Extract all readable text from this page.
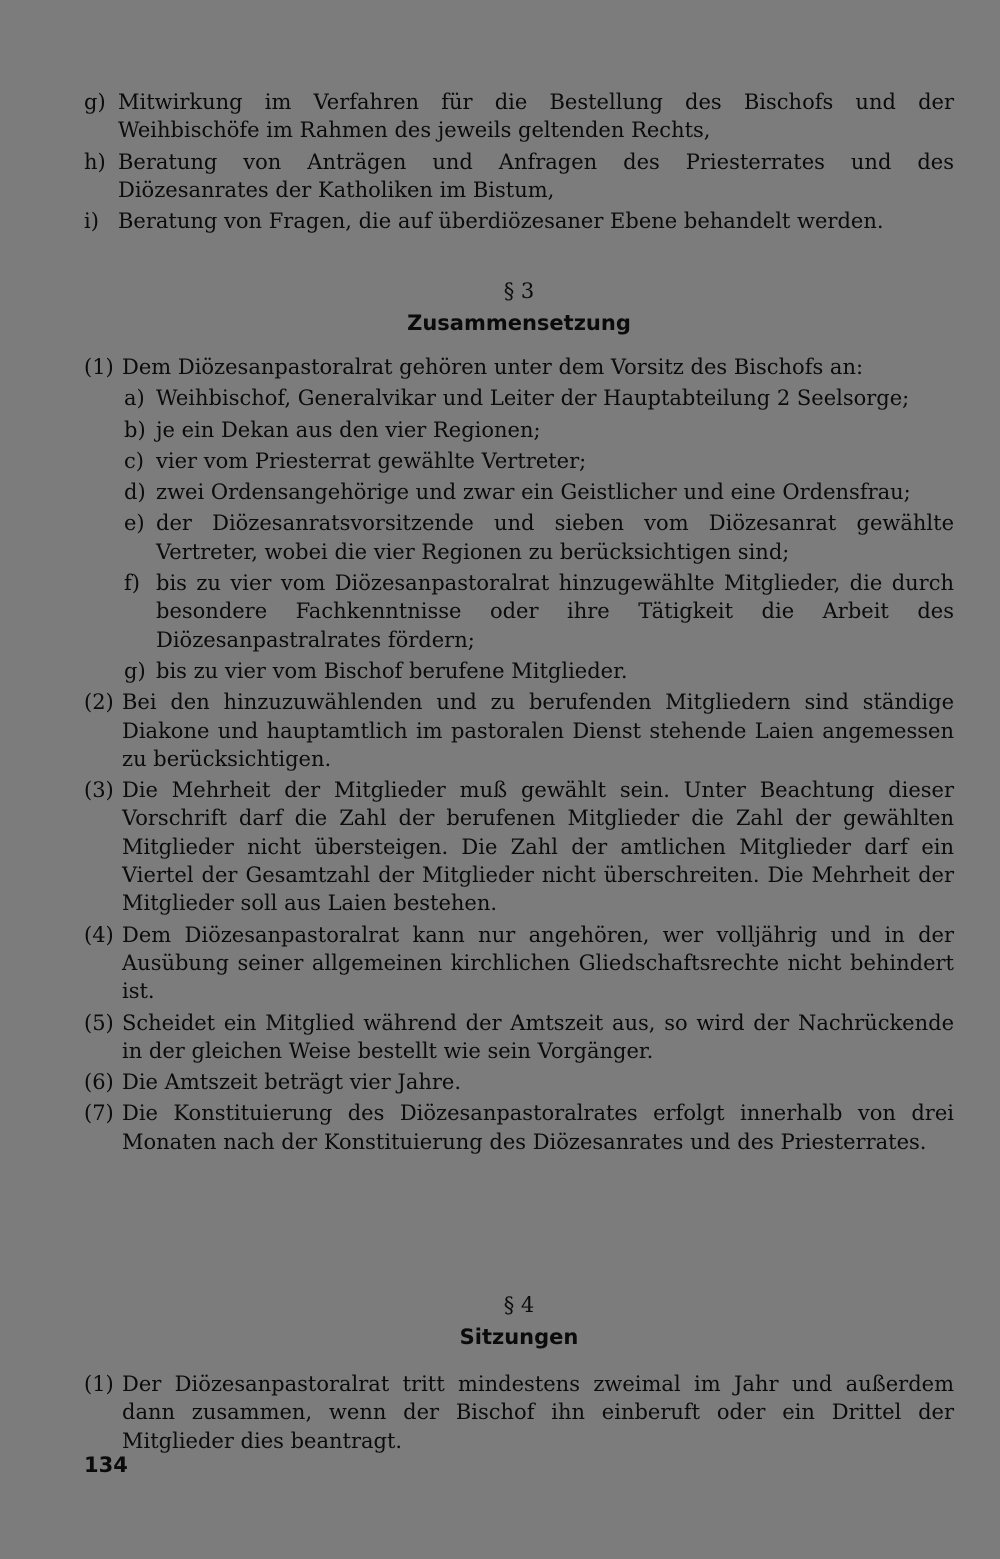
g) Mitwirkung im Verfahren für die Bestellung des Bischofs und der Weihbischöfe im Rahmen des jeweils geltenden Rechts,
h) Beratung von Anträgen und Anfragen des Priesterrates und des Diözesanrates der Katholiken im Bistum,
i) Beratung von Fragen, die auf überdiözesaner Ebene behandelt werden.
§ 3
Zusammensetzung
(1) Dem Diözesanpastoralrat gehören unter dem Vorsitz des Bischofs an:
a) Weihbischof, Generalvikar und Leiter der Hauptabteilung 2 Seelsorge;
b) je ein Dekan aus den vier Regionen;
c) vier vom Priesterrat gewählte Vertreter;
d) zwei Ordensangehörige und zwar ein Geistlicher und eine Ordensfrau;
e) der Diözesanratsvorsitzende und sieben vom Diözesanrat gewählte Vertreter, wobei die vier Regionen zu berücksichtigen sind;
f) bis zu vier vom Diözesanpastoralrat hinzugewählte Mitglieder, die durch besondere Fachkenntnisse oder ihre Tätigkeit die Arbeit des Diözesanpastralrates fördern;
g) bis zu vier vom Bischof berufene Mitglieder.
(2) Bei den hinzuzuwählenden und zu berufenden Mitgliedern sind ständige Diakone und hauptamtlich im pastoralen Dienst stehende Laien angemessen zu berücksichtigen.
(3) Die Mehrheit der Mitglieder muß gewählt sein. Unter Beachtung dieser Vorschrift darf die Zahl der berufenen Mitglieder die Zahl der gewählten Mitglieder nicht übersteigen. Die Zahl der amtlichen Mitglieder darf ein Viertel der Gesamtzahl der Mitglieder nicht überschreiten. Die Mehrheit der Mitglieder soll aus Laien bestehen.
(4) Dem Diözesanpastoralrat kann nur angehören, wer volljährig und in der Ausübung seiner allgemeinen kirchlichen Gliedschaftsrechte nicht behindert ist.
(5) Scheidet ein Mitglied während der Amtszeit aus, so wird der Nachrückende in der gleichen Weise bestellt wie sein Vorgänger.
(6) Die Amtszeit beträgt vier Jahre.
(7) Die Konstituierung des Diözesanpastoralrates erfolgt innerhalb von drei Monaten nach der Konstituierung des Diözesanrates und des Priesterrates.
§ 4
Sitzungen
(1) Der Diözesanpastoralrat tritt mindestens zweimal im Jahr und außerdem dann zusammen, wenn der Bischof ihn einberuft oder ein Drittel der Mitglieder dies beantragt.
134
